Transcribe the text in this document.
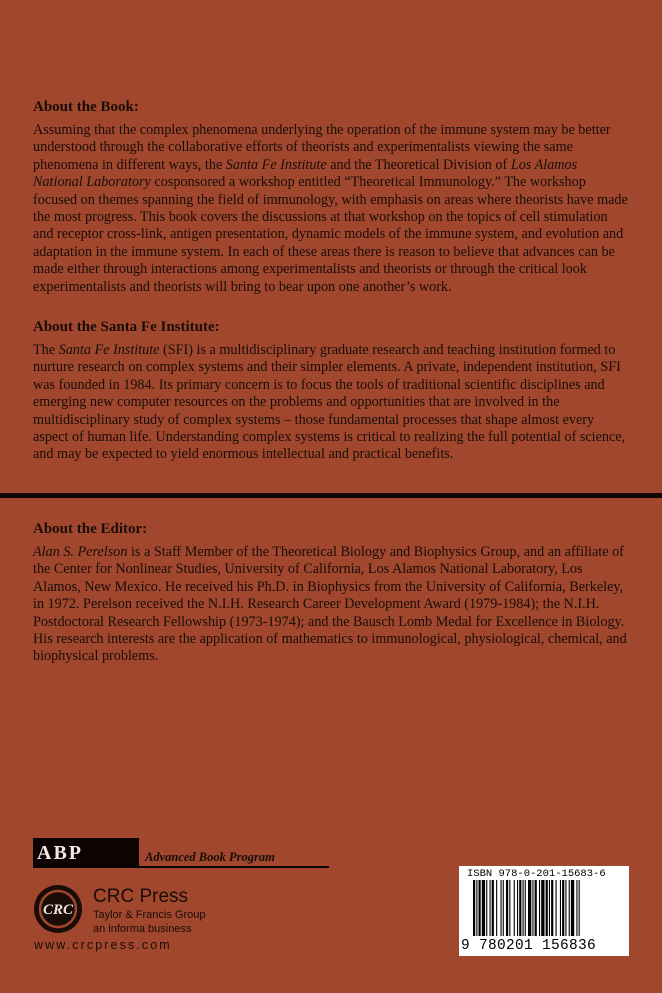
About the Book:

Assuming that the complex phenomena underlying the operation of the immune system may be better understood through the collaborative efforts of theorists and experimentalists viewing the same phenomena in different ways, the Santa Fe Institute and the Theoretical Division of Los Alamos National Laboratory cosponsored a workshop entitled “Theoretical Immunology.” The workshop focused on themes spanning the field of immunology, with emphasis on areas where theorists have made the most progress. This book covers the discussions at that workshop on the topics of cell stimulation and receptor cross-link, antigen presentation, dynamic models of the immune system, and evolution and adaptation in the immune system. In each of these areas there is reason to believe that advances can be made either through interactions among experimentalists and theorists or through the critical look experimentalists and theorists will bring to bear upon one another’s work.

About the Santa Fe Institute:

The Santa Fe Institute (SFI) is a multidisciplinary graduate research and teaching institution formed to nurture research on complex systems and their simpler elements. A private, independent institution, SFI was founded in 1984. Its primary concern is to focus the tools of traditional scientific disciplines and emerging new computer resources on the problems and opportunities that are involved in the multidisciplinary study of complex systems – those fundamental processes that shape almost every aspect of human life. Understanding complex systems is critical to realizing the full potential of science, and may be expected to yield enormous intellectual and practical benefits.

About the Editor:

Alan S. Perelson is a Staff Member of the Theoretical Biology and Biophysics Group, and an affiliate of the Center for Nonlinear Studies, University of California, Los Alamos National Laboratory, Los Alamos, New Mexico. He received his Ph.D. in Biophysics from the University of California, Berkeley, in 1972. Perelson received the N.I.H. Research Career Development Award (1979-1984); the N.I.H. Postdoctoral Research Fellowship (1973-1974); and the Bausch Lomb Medal for Excellence in Biology. His research interests are the application of mathematics to immunological, physiological, chemical, and biophysical problems.

ABP	Advanced Book Program
CRC
CRC Press
Taylor & Francis Group
an informa business
www.crcpress.com
ISBN 978-0-201-15683-6
9 780201 156836
